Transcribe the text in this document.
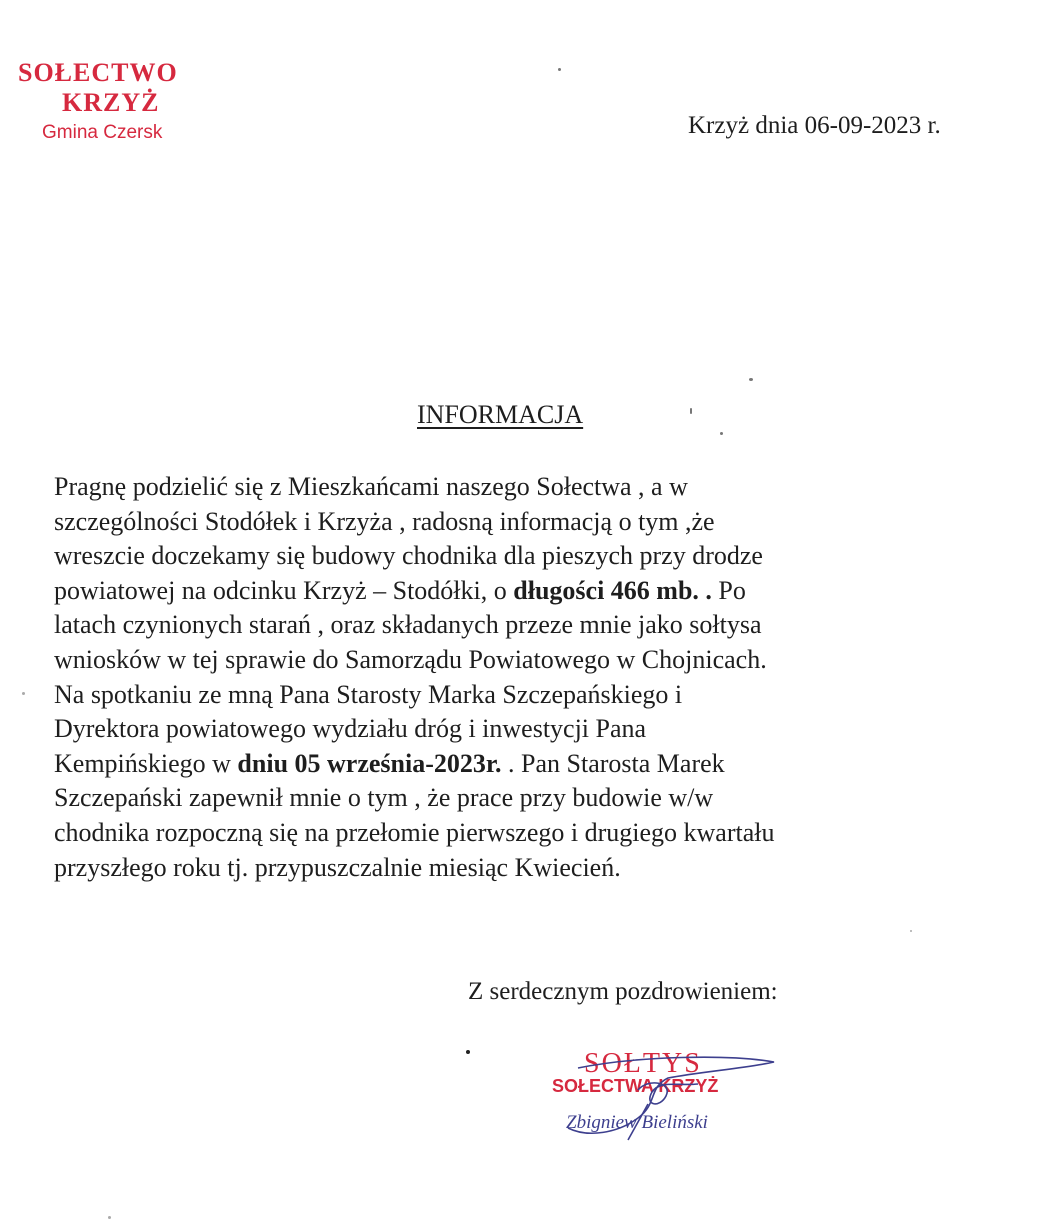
SOŁECTWO
KRZYŻ
Gmina Czersk	Krzyż dnia 06-09-2023 r.
INFORMACJA

Pragnę podzielić się z Mieszkańcami naszego Sołectwa , a w
szczególności Stodółek i Krzyża , radosną informacją o tym ,że
wreszcie doczekamy się budowy chodnika dla pieszych przy drodze
powiatowej na odcinku Krzyż – Stodółki, o długości 466 mb. . Po
latach czynionych starań , oraz składanych przeze mnie jako sołtysa
wniosków w tej sprawie do Samorządu Powiatowego w Chojnicach.
Na spotkaniu ze mną Pana Starosty Marka Szczepańskiego i
Dyrektora powiatowego wydziału dróg i inwestycji Pana
Kempińskiego w dniu 05 września-2023r. . Pan Starosta Marek
Szczepański zapewnił mnie o tym , że prace przy budowie w/w
chodnika rozpoczną się na przełomie pierwszego i drugiego kwartału
przyszłego roku tj. przypuszczalnie miesiąc Kwiecień.

Z serdecznym pozdrowieniem:
SOŁTYS
SOŁECTWA KRZYŻ
Zbigniew Bieliński
